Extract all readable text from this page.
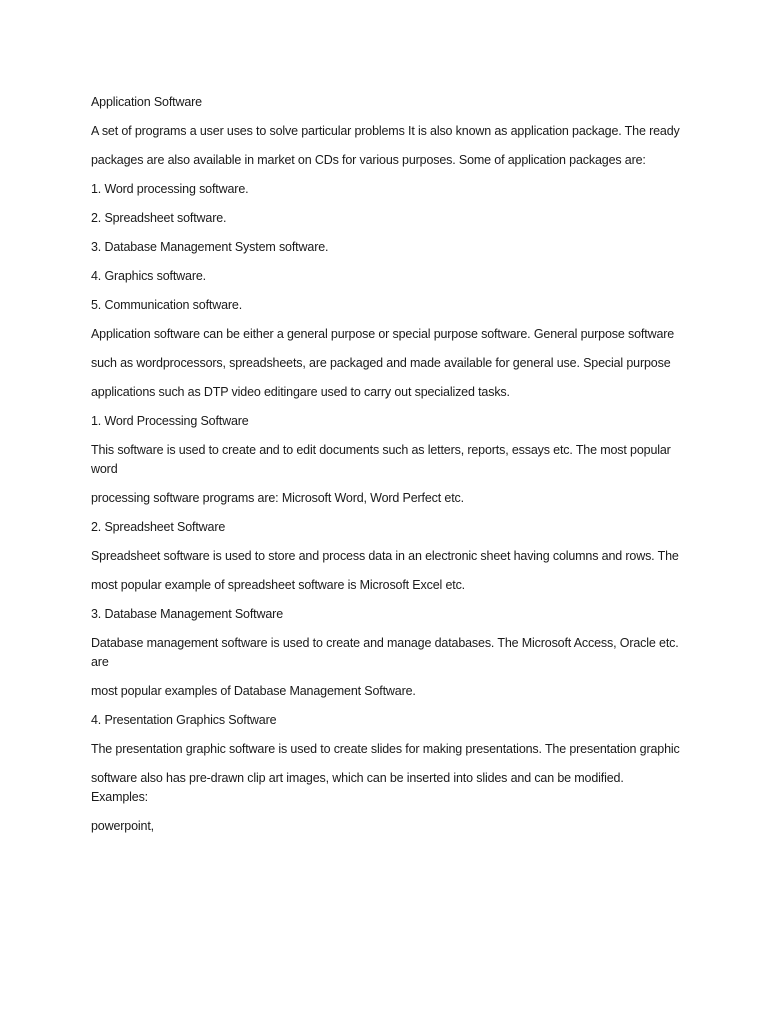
Application Software

A set of programs a user uses to solve particular problems It is also known as application package. The ready

packages are also available in market on CDs for various purposes. Some of application packages are:

1. Word processing software.

2. Spreadsheet software.

3. Database Management System software.

4. Graphics software.

5. Communication software.

Application software can be either a general purpose or special purpose software. General purpose software

such as wordprocessors, spreadsheets, are packaged and made available for general use. Special purpose

applications such as DTP video editingare used to carry out specialized tasks.

1. Word Processing Software

This software is used to create and to edit documents such as letters, reports, essays etc. The most popular word

processing software programs are: Microsoft Word, Word Perfect etc.

2. Spreadsheet Software

Spreadsheet software is used to store and process data in an electronic sheet having columns and rows. The

most popular example of spreadsheet software is Microsoft Excel etc.

3. Database Management Software

Database management software is used to create and manage databases. The Microsoft Access, Oracle etc. are

most popular examples of Database Management Software.

4. Presentation Graphics Software

The presentation graphic software is used to create slides for making presentations. The presentation graphic

software also has pre-drawn clip art images, which can be inserted into slides and can be modified. Examples:

powerpoint,
